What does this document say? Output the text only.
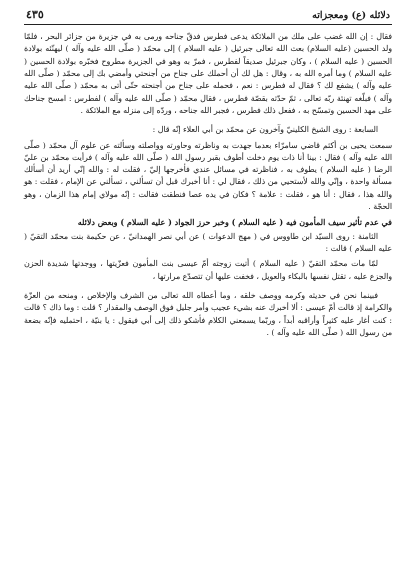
دلائله (ع) ومعجزاته
٤٣٥

فقال : إن الله غضب على ملك من الملائكة يدعى فطرس فدقّ جناحه ورمى به في جزيرة من جزائر البحر ، فلمّا ولد الحسين (عليه السلام) بعث الله تعالى جبرئيل ( عليه السلام ) إلى محمّد ( صلّى الله عليه وآله ) ليهنّئه بولادة الحسين ( عليه السلام ) ، وكان جبرئيل صديقاً لفطرس ، فمرّ به وهو في الجزيرة مطروح فخبّره بولادة الحسين ( عليه السلام ) وما أمره الله به ، وقال : هل لك أن أحملك على جناح من أجنحتي وأمضي بك إلى محمّد ( صلّى الله عليه وآله ) يشفع لك ؟ فقال له فطرس : نعم ، فحمله على جناح من أجنحته حتّى أتى به محمّد ( صلّى الله عليه وآله ) فبلّغه تهنئة ربّه تعالى ، ثمّ حدّثه بقصّة فطرس ، فقال محمّد ( صلّى الله عليه وآله ) لفطرس : امسح جناحك على مهد الحسين وتمسّح به ، ففعل ذلك فطرس ، فجبر الله جناحه ، وردّه إلى منزله مع الملائكة .

السابعة : روى الشيخ الكلينيّ وآخرون عن محمّد بن أبي العلاء إنّه قال :

سمعت يحيى بن أكثم قاضي سامرّاء بعدما جهدت به وناظرته وحاورته وواصلته وسألته عن علوم آل محمّد ( صلّى الله عليه وآله ) فقال : بينا أنا ذات يوم دخلت أطوف بقبر رسول الله ( صلّى الله عليه وآله ) فرأيت محمّد بن عليّ الرضا ( عليه السلام ) يطوف به ، فناظرته في مسائل عندي فأخرجها إليّ ، فقلت له : والله إنّي أريد أن أسألك مسألة واحدة ، وإنّي والله لأستحيي من ذلك ، فقال لي : أنا أخبرك قبل أن تسألني ، تسألني عن الإمام ، فقلت : هو والله هذا ، فقال : أنا هو ، فقلت : علامة ؟ فكان في يده عصا فنطقت فقالت : إنّه مولاي إمام هذا الزمان ، وهو الحجّة .

في عدم تأثير سيف المأمون فيه ( عليه السلام ) وخبر حرز الجواد ( عليه السلام ) وبعض دلائله

الثامنة : روى السيّد ابن طاووس في ( مهج الدعوات ) عن أبي نصر الهمدانيّ ، عن حكيمة بنت محمّد التقيّ ( عليه السلام ) قالت :

لمّا مات محمّد التقيّ ( عليه السلام ) أتيت زوجته أمّ عيسى بنت المأمون فعزّيتها ، ووجدتها شديدة الحزن والجزع عليه ، تقتل نفسها بالبكاء والعويل ، فخفت عليها أن تتصدّع مرارتها ،

فبينما نحن في حديثه وكرمه ووصف خلقه ، وما أعطاه الله تعالى من الشرف والإخلاص ، ومنحه من العزّة والكرامة إذ قالت أمّ عيسى : ألا أخبرك عنه بشيء عجيب وأمر جليل فوق الوصف والمقدار ؟ قلت : وما ذاك ؟ قالت : كنت أغار عليه كثيراً وأراقبه أبداً ، وربّما يسمعني الكلام فأشكو ذلك إلى أبي فيقول : يا بنيّة ، احتمليه فإنّه بضعة من رسول الله ( صلّى الله عليه وآله ) .
